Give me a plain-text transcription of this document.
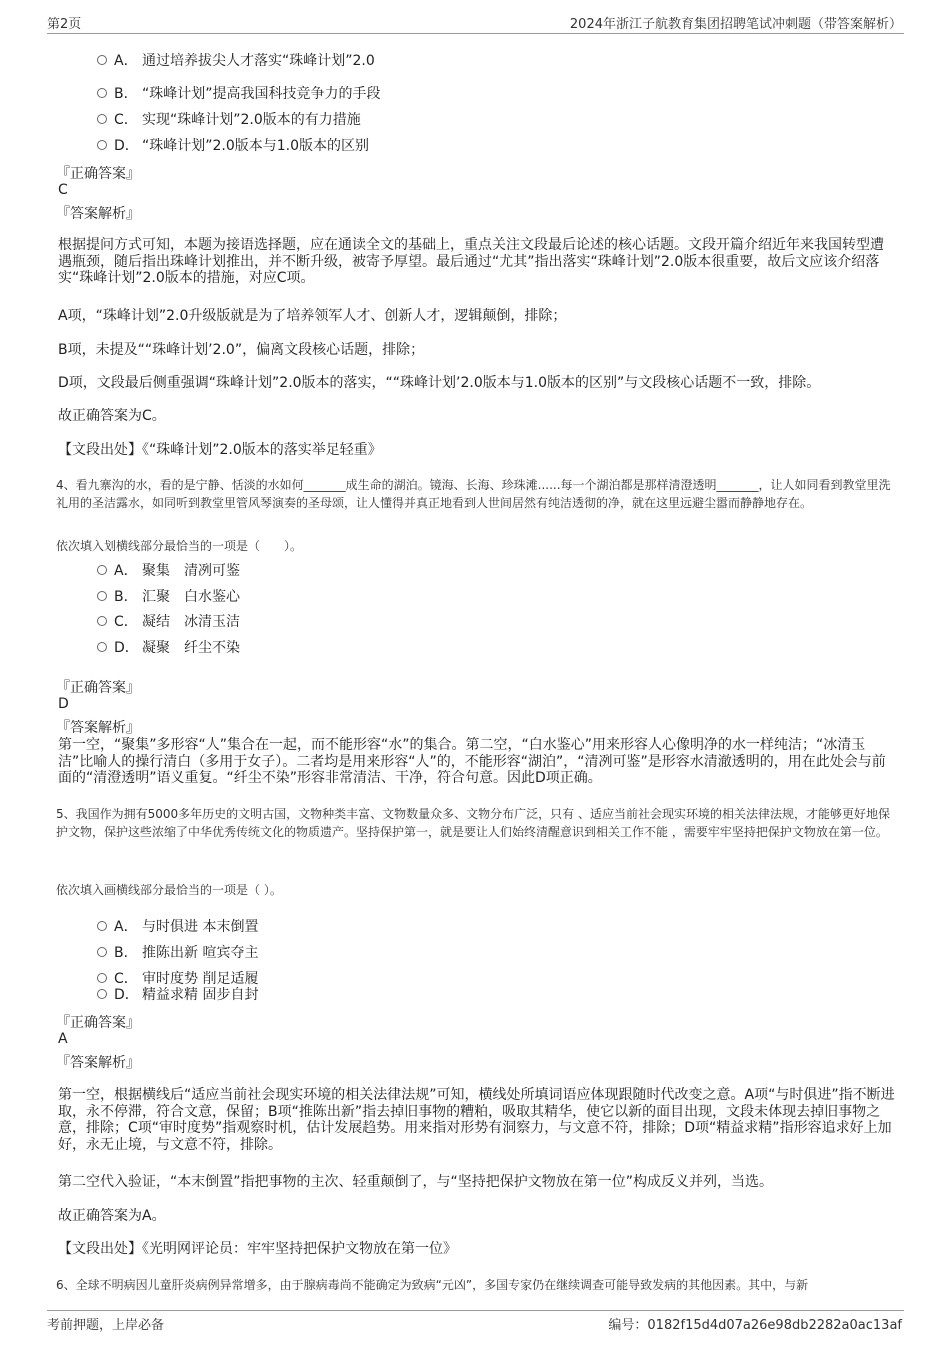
第2页	2024年浙江子航教育集团招聘笔试冲刺题（带答案解析）
A． 通过培养拔尖人才落实“珠峰计划”2.0
B． “珠峰计划”提高我国科技竞争力的手段
C． 实现“珠峰计划”2.0版本的有力措施
D． “珠峰计划”2.0版本与1.0版本的区别
『正确答案』
C
『答案解析』
根据提问方式可知，本题为接语选择题，应在通读全文的基础上，重点关注文段最后论述的核心话题。文段开篇介绍近年来我国转型遭遇瓶颈，随后指出珠峰计划推出，并不断升级，被寄予厚望。最后通过“尤其”指出落实“珠峰计划”2.0版本很重要，故后文应该介绍落实“珠峰计划”2.0版本的措施，对应C项。
A项，“珠峰计划”2.0升级版就是为了培养领军人才、创新人才，逻辑颠倒，排除；
B项，未提及““珠峰计划’2.0”，偏离文段核心话题，排除；
D项，文段最后侧重强调“珠峰计划”2.0版本的落实，““珠峰计划’2.0版本与1.0版本的区别”与文段核心话题不一致，排除。
故正确答案为C。
【文段出处】《“珠峰计划”2.0版本的落实举足轻重》
4、看九寨沟的水，看的是宁静、恬淡的水如何_______成生命的湖泊。镜海、长海、珍珠滩......每一个湖泊都是那样清澄透明_______，让人如同看到教堂里洗礼用的圣洁露水，如同听到教堂里管风琴演奏的圣母颂，让人懂得并真正地看到人世间居然有纯洁透彻的净，就在这里远避尘嚣而静静地存在。
依次填入划横线部分最恰当的一项是（　　）。
A． 聚集　清冽可鉴
B． 汇聚　白水鉴心
C． 凝结　冰清玉洁
D． 凝聚　纤尘不染
『正确答案』
D
『答案解析』
第一空，“聚集”多形容“人”集合在一起，而不能形容“水”的集合。第二空，“白水鉴心”用来形容人心像明净的水一样纯洁；“冰清玉洁”比喻人的操行清白（多用于女子）。二者均是用来形容“人”的，不能形容“湖泊”，“清冽可鉴”是形容水清澈透明的，用在此处会与前面的“清澄透明”语义重复。“纤尘不染”形容非常清洁、干净，符合句意。因此D项正确。
5、我国作为拥有5000多年历史的文明古国，文物种类丰富、文物数量众多、文物分布广泛，只有 、适应当前社会现实环境的相关法律法规，才能够更好地保护文物，保护这些浓缩了中华优秀传统文化的物质遗产。坚持保护第一，就是要让人们始终清醒意识到相关工作不能 ，需要牢牢坚持把保护文物放在第一位。
依次填入画横线部分最恰当的一项是（ ）。
A． 与时俱进 本末倒置
B． 推陈出新 喧宾夺主
C． 审时度势 削足适履
D． 精益求精 固步自封
『正确答案』
A
『答案解析』
第一空，根据横线后“适应当前社会现实环境的相关法律法规”可知，横线处所填词语应体现跟随时代改变之意。A项“与时俱进”指不断进取，永不停滞，符合文意，保留；B项“推陈出新”指去掉旧事物的糟粕，吸取其精华，使它以新的面目出现，文段未体现去掉旧事物之意，排除；C项“审时度势”指观察时机，估计发展趋势。用来指对形势有洞察力，与文意不符，排除；D项“精益求精”指形容追求好上加好，永无止境，与文意不符，排除。
第二空代入验证，“本末倒置”指把事物的主次、轻重颠倒了，与“坚持把保护文物放在第一位”构成反义并列，当选。
故正确答案为A。
【文段出处】《光明网评论员：牢牢坚持把保护文物放在第一位》
6、全球不明病因儿童肝炎病例异常增多，由于腺病毒尚不能确定为致病“元凶”，多国专家仍在继续调查可能导致发病的其他因素。其中，与新
考前押题，上岸必备	编号：0182f15d4d07a26e98db2282a0ac13af
